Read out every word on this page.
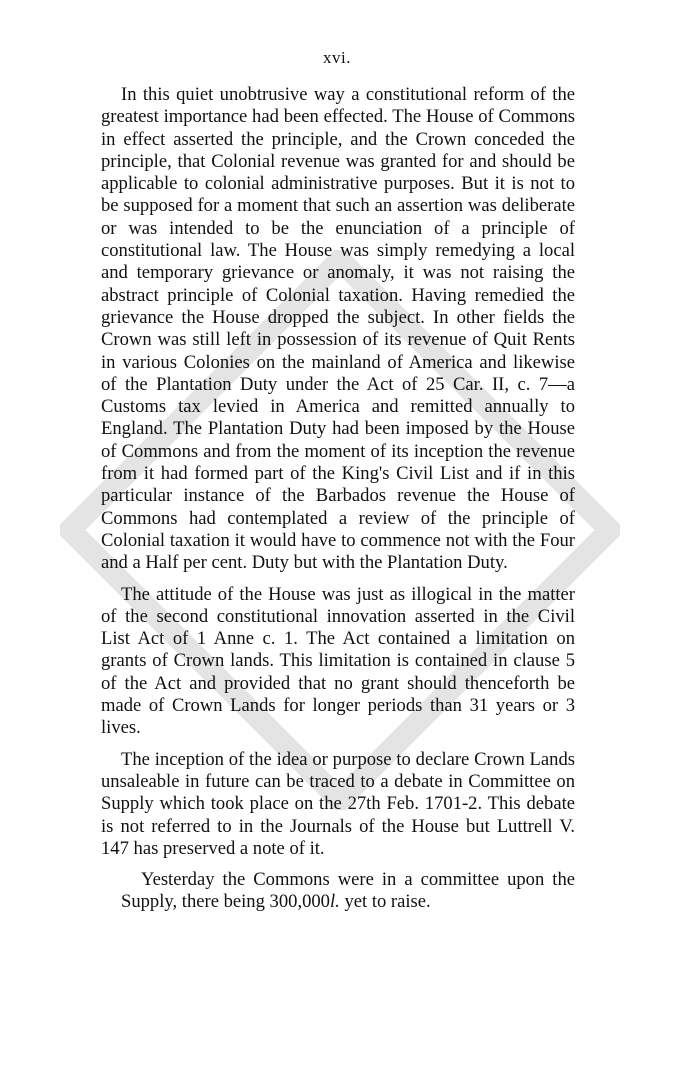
xvi.

In this quiet unobtrusive way a constitutional reform of the greatest importance had been effected. The House of Commons in effect asserted the principle, and the Crown conceded the principle, that Colonial revenue was granted for and should be applicable to colonial administrative purposes. But it is not to be supposed for a moment that such an assertion was deliberate or was intended to be the enunciation of a principle of constitutional law. The House was simply remedying a local and temporary grievance or anomaly, it was not raising the abstract principle of Colonial taxation. Having remedied the grievance the House dropped the subject. In other fields the Crown was still left in possession of its revenue of Quit Rents in various Colonies on the mainland of America and likewise of the Plantation Duty under the Act of 25 Car. II, c. 7—a Customs tax levied in America and remitted annually to England. The Plantation Duty had been imposed by the House of Commons and from the moment of its inception the revenue from it had formed part of the King's Civil List and if in this particular instance of the Barbados revenue the House of Commons had contemplated a review of the principle of Colonial taxation it would have to commence not with the Four and a Half per cent. Duty but with the Plantation Duty.

The attitude of the House was just as illogical in the matter of the second constitutional innovation asserted in the Civil List Act of 1 Anne c. 1. The Act contained a limitation on grants of Crown lands. This limitation is contained in clause 5 of the Act and provided that no grant should thenceforth be made of Crown Lands for longer periods than 31 years or 3 lives.

The inception of the idea or purpose to declare Crown Lands unsaleable in future can be traced to a debate in Committee on Supply which took place on the 27th Feb. 1701-2. This debate is not referred to in the Journals of the House but Luttrell V. 147 has preserved a note of it.

Yesterday the Commons were in a committee upon the Supply, there being 300,000l. yet to raise.
